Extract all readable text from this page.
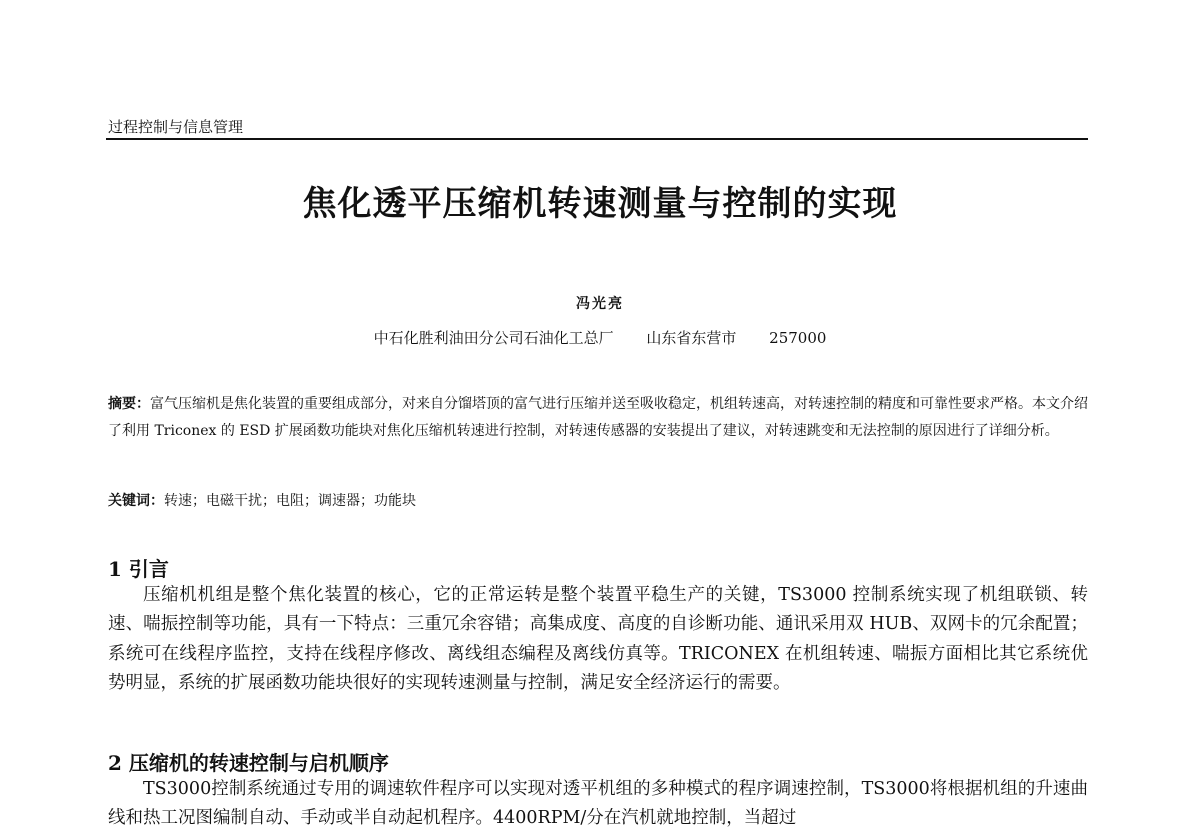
过程控制与信息管理
焦化透平压缩机转速测量与控制的实现
冯光亮
中石化胜利油田分公司石油化工总厂 山东省东营市 257000
摘要：富气压缩机是焦化装置的重要组成部分，对来自分馏塔顶的富气进行压缩并送至吸收稳定，机组转速高，对转速控制的精度和可靠性要求严格。本文介绍了利用 Triconex 的 ESD 扩展函数功能块对焦化压缩机转速进行控制，对转速传感器的安装提出了建议，对转速跳变和无法控制的原因进行了详细分析。
关键词：转速；电磁干扰；电阻；调速器；功能块
1 引言
压缩机机组是整个焦化装置的核心，它的正常运转是整个装置平稳生产的关键，TS3000 控制系统实现了机组联锁、转速、喘振控制等功能，具有一下特点：三重冗余容错；高集成度、高度的自诊断功能、通讯采用双 HUB、双网卡的冗余配置；系统可在线程序监控，支持在线程序修改、离线组态编程及离线仿真等。TRICONEX 在机组转速、喘振方面相比其它系统优势明显，系统的扩展函数功能块很好的实现转速测量与控制，满足安全经济运行的需要。
2 压缩机的转速控制与启机顺序
TS3000控制系统通过专用的调速软件程序可以实现对透平机组的多种模式的程序调速控制，TS3000将根据机组的升速曲线和热工况图编制自动、手动或半自动起机程序。4400RPM/分在汽机就地控制，当超过
